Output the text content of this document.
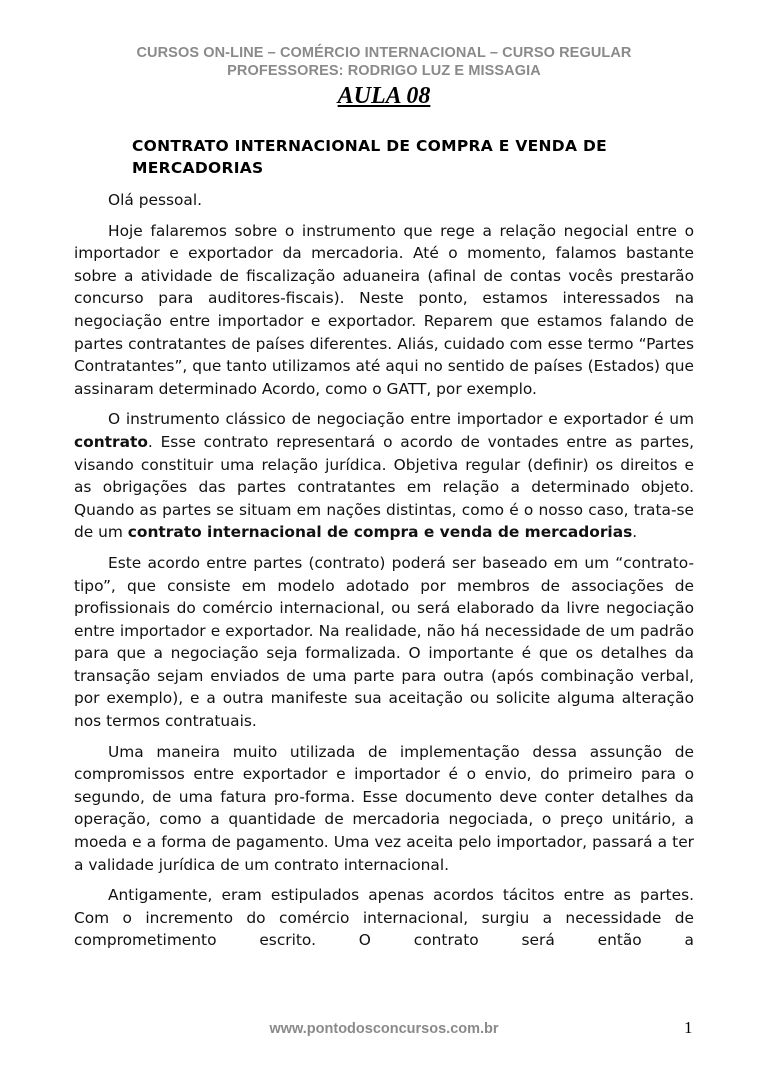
CURSOS ON-LINE – COMÉRCIO INTERNACIONAL – CURSO REGULAR
PROFESSORES: RODRIGO LUZ E MISSAGIA
AULA 08
CONTRATO INTERNACIONAL DE COMPRA E VENDA DE MERCADORIAS

Olá pessoal.

Hoje falaremos sobre o instrumento que rege a relação negocial entre o importador e exportador da mercadoria. Até o momento, falamos bastante sobre a atividade de fiscalização aduaneira (afinal de contas vocês prestarão concurso para auditores-fiscais). Neste ponto, estamos interessados na negociação entre importador e exportador. Reparem que estamos falando de partes contratantes de países diferentes. Aliás, cuidado com esse termo “Partes Contratantes”, que tanto utilizamos até aqui no sentido de países (Estados) que assinaram determinado Acordo, como o GATT, por exemplo.

O instrumento clássico de negociação entre importador e exportador é um contrato. Esse contrato representará o acordo de vontades entre as partes, visando constituir uma relação jurídica. Objetiva regular (definir) os direitos e as obrigações das partes contratantes em relação a determinado objeto. Quando as partes se situam em nações distintas, como é o nosso caso, trata-se de um contrato internacional de compra e venda de mercadorias.

Este acordo entre partes (contrato) poderá ser baseado em um “contrato-tipo”, que consiste em modelo adotado por membros de associações de profissionais do comércio internacional, ou será elaborado da livre negociação entre importador e exportador. Na realidade, não há necessidade de um padrão para que a negociação seja formalizada. O importante é que os detalhes da transação sejam enviados de uma parte para outra (após combinação verbal, por exemplo), e a outra manifeste sua aceitação ou solicite alguma alteração nos termos contratuais.

Uma maneira muito utilizada de implementação dessa assunção de compromissos entre exportador e importador é o envio, do primeiro para o segundo, de uma fatura pro-forma. Esse documento deve conter detalhes da operação, como a quantidade de mercadoria negociada, o preço unitário, a moeda e a forma de pagamento. Uma vez aceita pelo importador, passará a ter a validade jurídica de um contrato internacional.

Antigamente, eram estipulados apenas acordos tácitos entre as partes. Com o incremento do comércio internacional, surgiu a necessidade de comprometimento escrito. O contrato será então a

www.pontodosconcursos.com.br	1
